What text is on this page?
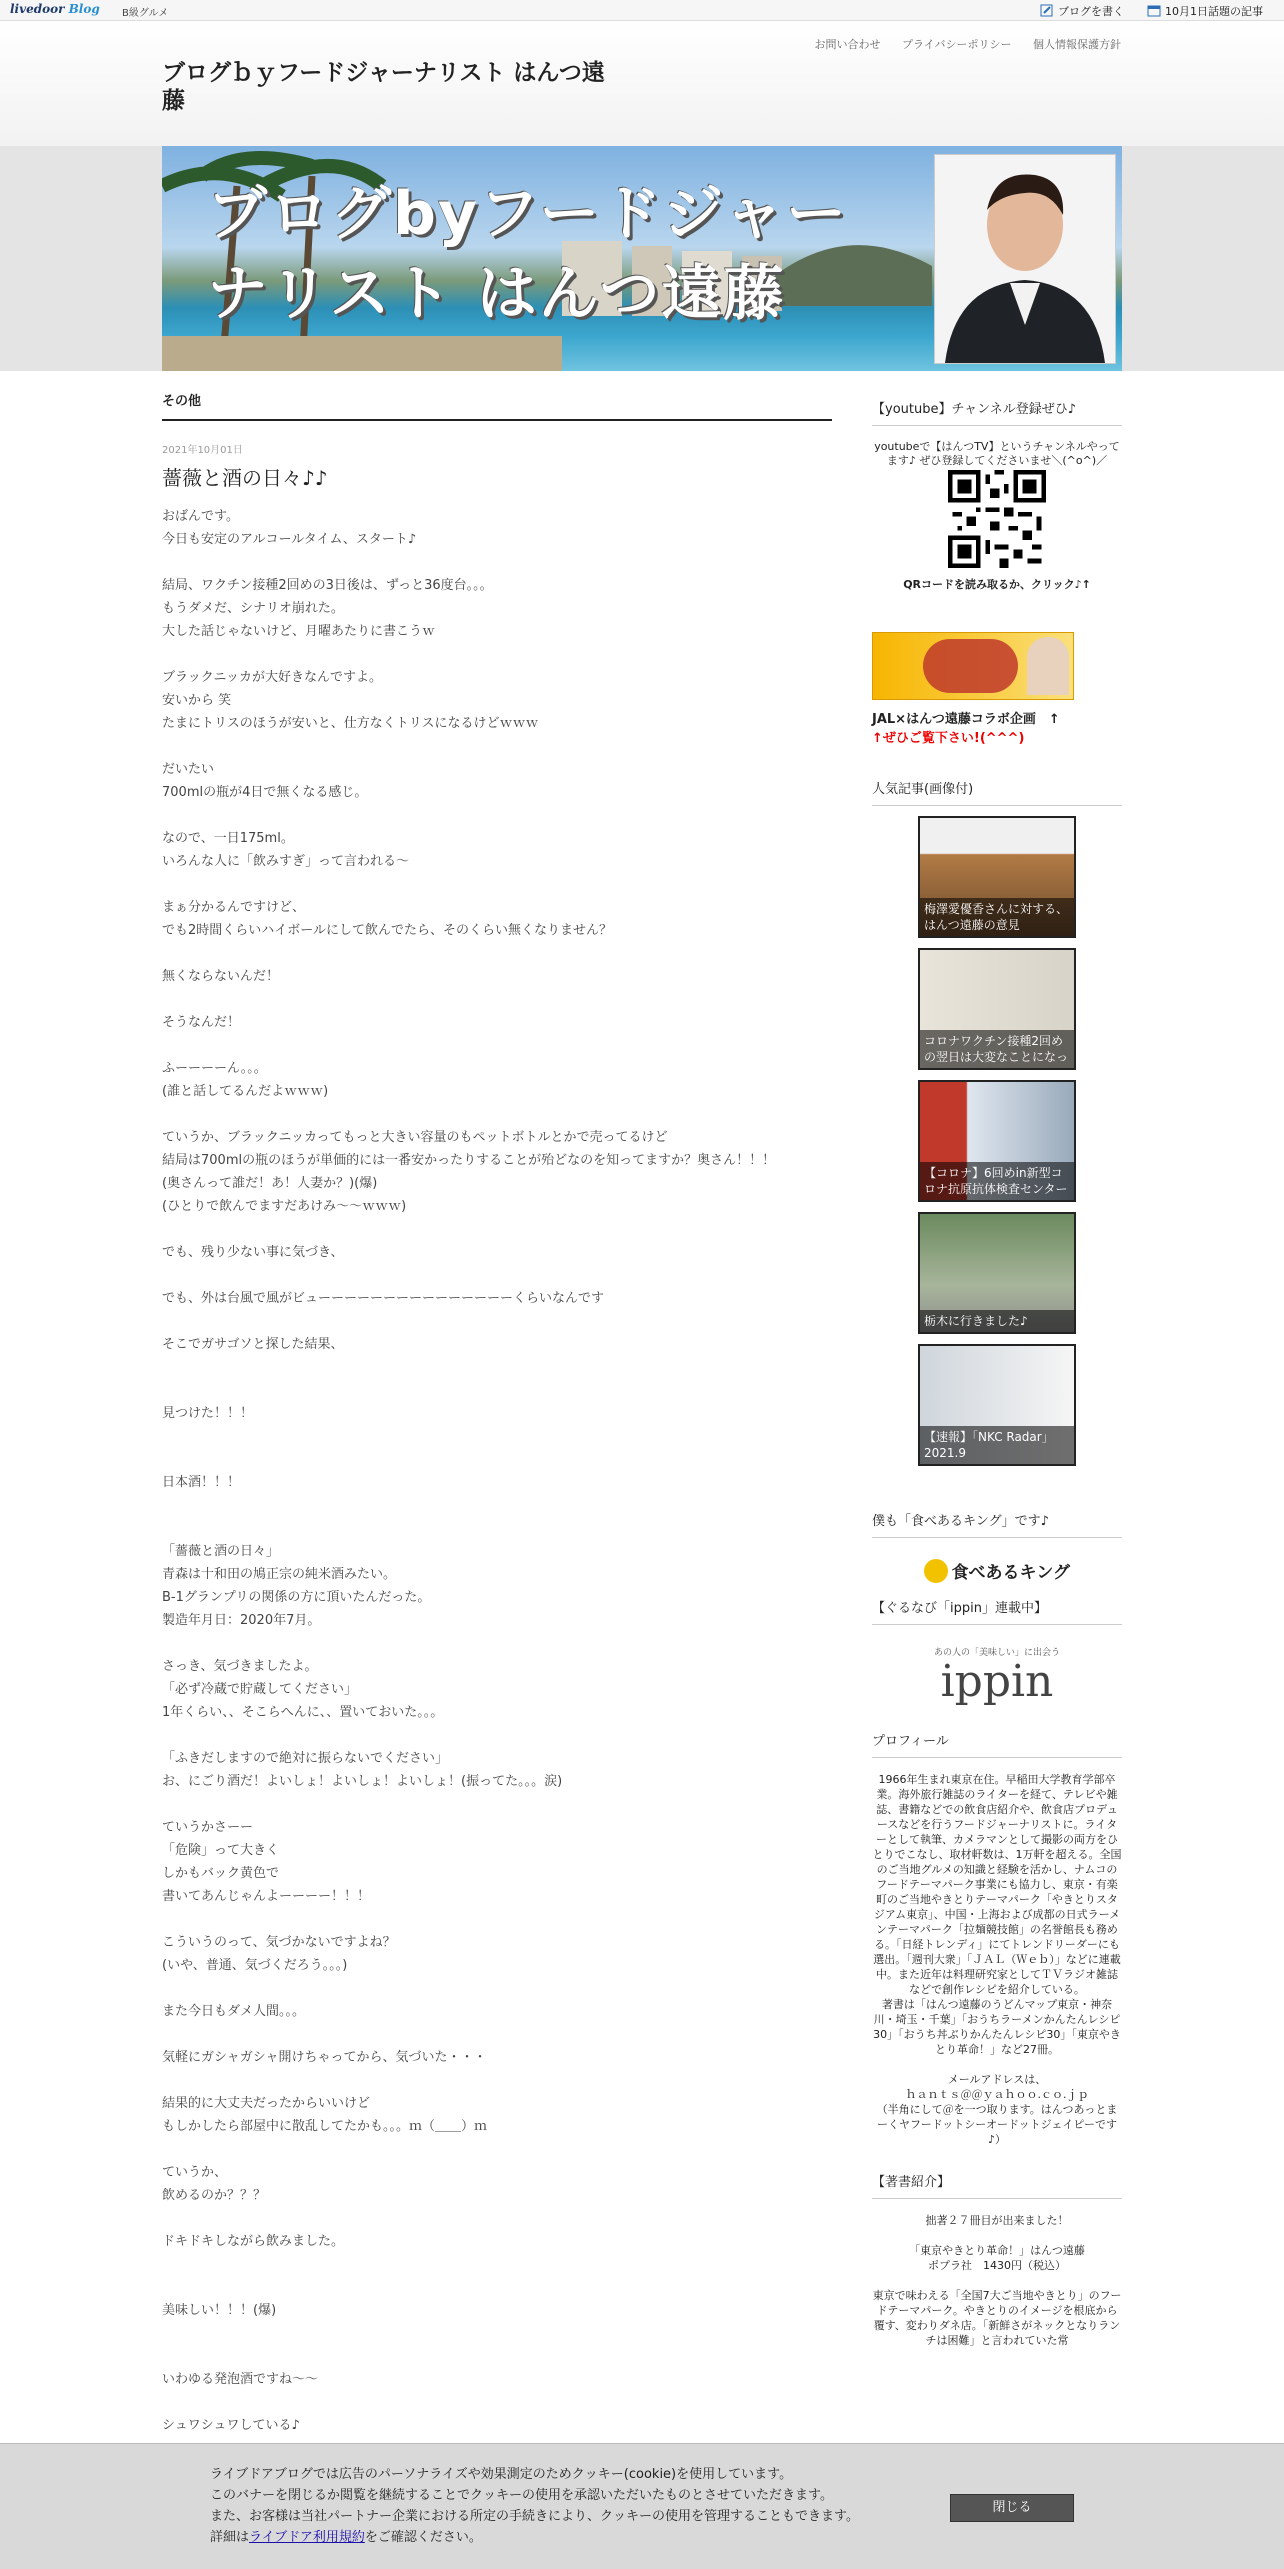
livedoor Blog B級グルメ	ブログを書く	10月1日話題の記事
お問い合わせ プライバシーポリシー 個人情報保護方針
ブログｂｙフードジャーナリスト はんつ遠藤
ブログbyフードジャーナリスト はんつ遠藤
その他
2021年10月01日
薔薇と酒の日々♪♪
おばんです。
今日も安定のアルコールタイム、スタート♪

結局、ワクチン接種2回めの3日後は、ずっと36度台。。。
もうダメだ、シナリオ崩れた。
大した話じゃないけど、月曜あたりに書こうｗ

ブラックニッカが大好きなんですよ。
安いから 笑
たまにトリスのほうが安いと、仕方なくトリスになるけどｗｗｗ

だいたい
700mlの瓶が4日で無くなる感じ。

なので、一日175ml。
いろんな人に「飲みすぎ」って言われる～

まぁ分かるんですけど、
でも2時間くらいハイボールにして飲んでたら、そのくらい無くなりません？

無くならないんだ！

そうなんだ！

ふーーーーん。。。
(誰と話してるんだよｗｗｗ)

ていうか、ブラックニッカってもっと大きい容量のもペットボトルとかで売ってるけど
結局は700mlの瓶のほうが単価的には一番安かったりすることが殆どなのを知ってますか？奥さん！！！
(奥さんって誰だ！あ！人妻か？)(爆)
(ひとりで飲んでますだあけみ～～ｗｗｗ)

でも、残り少ない事に気づき、

でも、外は台風で風がビューーーーーーーーーーーーーーーくらいなんです

そこでガサゴソと探した結果、

見つけた！！！

日本酒！！！

「薔薇と酒の日々」
青森は十和田の鳩正宗の純米酒みたい。
B-1グランプリの関係の方に頂いたんだった。
製造年月日：2020年7月。

さっき、気づきましたよ。
「必ず冷蔵で貯蔵してください」
1年くらい、、そこらへんに、、置いておいた。。。

「ふきだしますので絶対に振らないでください」
お、にごり酒だ！よいしょ！よいしょ！よいしょ！(振ってた。。。涙)

ていうかさーー
「危険」って大きく
しかもバック黄色で
書いてあんじゃんよーーーー！！！

こういうのって、気づかないですよね？
(いや、普通、気づくだろう。。。)

また今日もダメ人間。。。

気軽にガシャガシャ開けちゃってから、気づいた・・・

結果的に大丈夫だったからいいけど
もしかしたら部屋中に散乱してたかも。。。ｍ（＿＿）ｍ

ていうか、
飲めるのか？？？

ドキドキしながら飲みました。

美味しい！！！(爆)

いわゆる発泡酒ですね～～

シュワシュワしている♪
【youtube】チャンネル登録ぜひ♪
youtubeで【はんつTV】というチャンネルやってます♪ ぜひ登録してくださいませ＼(^o^)／
QRコードを読み取るか、クリック♪↑
JAL×はんつ遠藤コラボ企画　↑
↑ぜひご覧下さい!(^^^)
人気記事(画像付)
梅澤愛優香さんに対する、はんつ遠藤の意見
コロナワクチン接種2回めの翌日は大変なことになっ
【コロナ】6回めin新型コロナ抗原抗体検査センター
栃木に行きました♪
【速報】「NKC Radar」2021.9
僕も「食べあるキング」です♪
食べあるキング
【ぐるなび「ippin」連載中】
あの人の「美味しい」に出会う
ippin
プロフィール
1966年生まれ東京在住。早稲田大学教育学部卒業。海外旅行雑誌のライターを経て、テレビや雑誌、書籍などでの飲食店紹介や、飲食店プロデュースなどを行うフードジャーナリストに。ライターとして執筆、カメラマンとして撮影の両方をひとりでこなし、取材軒数は、1万軒を超える。全国のご当地グルメの知識と経験を活かし、ナムコのフードテーマパーク事業にも協力し、東京・有楽町のご当地やきとりテーマパーク「やきとりスタジアム東京」、中国・上海および成都の日式ラーメンテーマパーク「拉麺競技館」の名誉館長も務める。「日経トレンディ」にてトレンドリーダーにも選出。「週刊大衆」「ＪＡＬ（Ｗｅｂ）」などに連載中。また近年は料理研究家としてＴＶラジオ雑誌などで創作レシピを紹介している。
著書は「はんつ遠藤のうどんマップ東京・神奈川・埼玉・千葉」「おうちラーメンかんたんレシピ30」「おうち丼ぶりかんたんレシピ30」「東京やきとり革命！」など27冊。

メールアドレスは、
ｈａｎｔｓ＠＠ｙａｈｏｏ.ｃｏ.ｊｐ
（半角にして＠を一つ取ります。はんつあっとまーくヤフードットシーオードットジェイピーです♪）
【著書紹介】
拙著２７冊目が出来ました！

「東京やきとり革命！」はんつ遠藤
ポプラ社　1430円（税込）

東京で味わえる「全国7大ご当地やきとり」のフードテーマパーク。やきとりのイメージを根底から覆す、変わりダネ店。「新鮮さがネックとなりランチは困難」と言われていた常
ライブドアブログでは広告のパーソナライズや効果測定のためクッキー(cookie)を使用しています。
このバナーを閉じるか閲覧を継続することでクッキーの使用を承認いただいたものとさせていただきます。
また、お客様は当社パートナー企業における所定の手続きにより、クッキーの使用を管理することもできます。
詳細はライブドア利用規約をご確認ください。
閉じる
